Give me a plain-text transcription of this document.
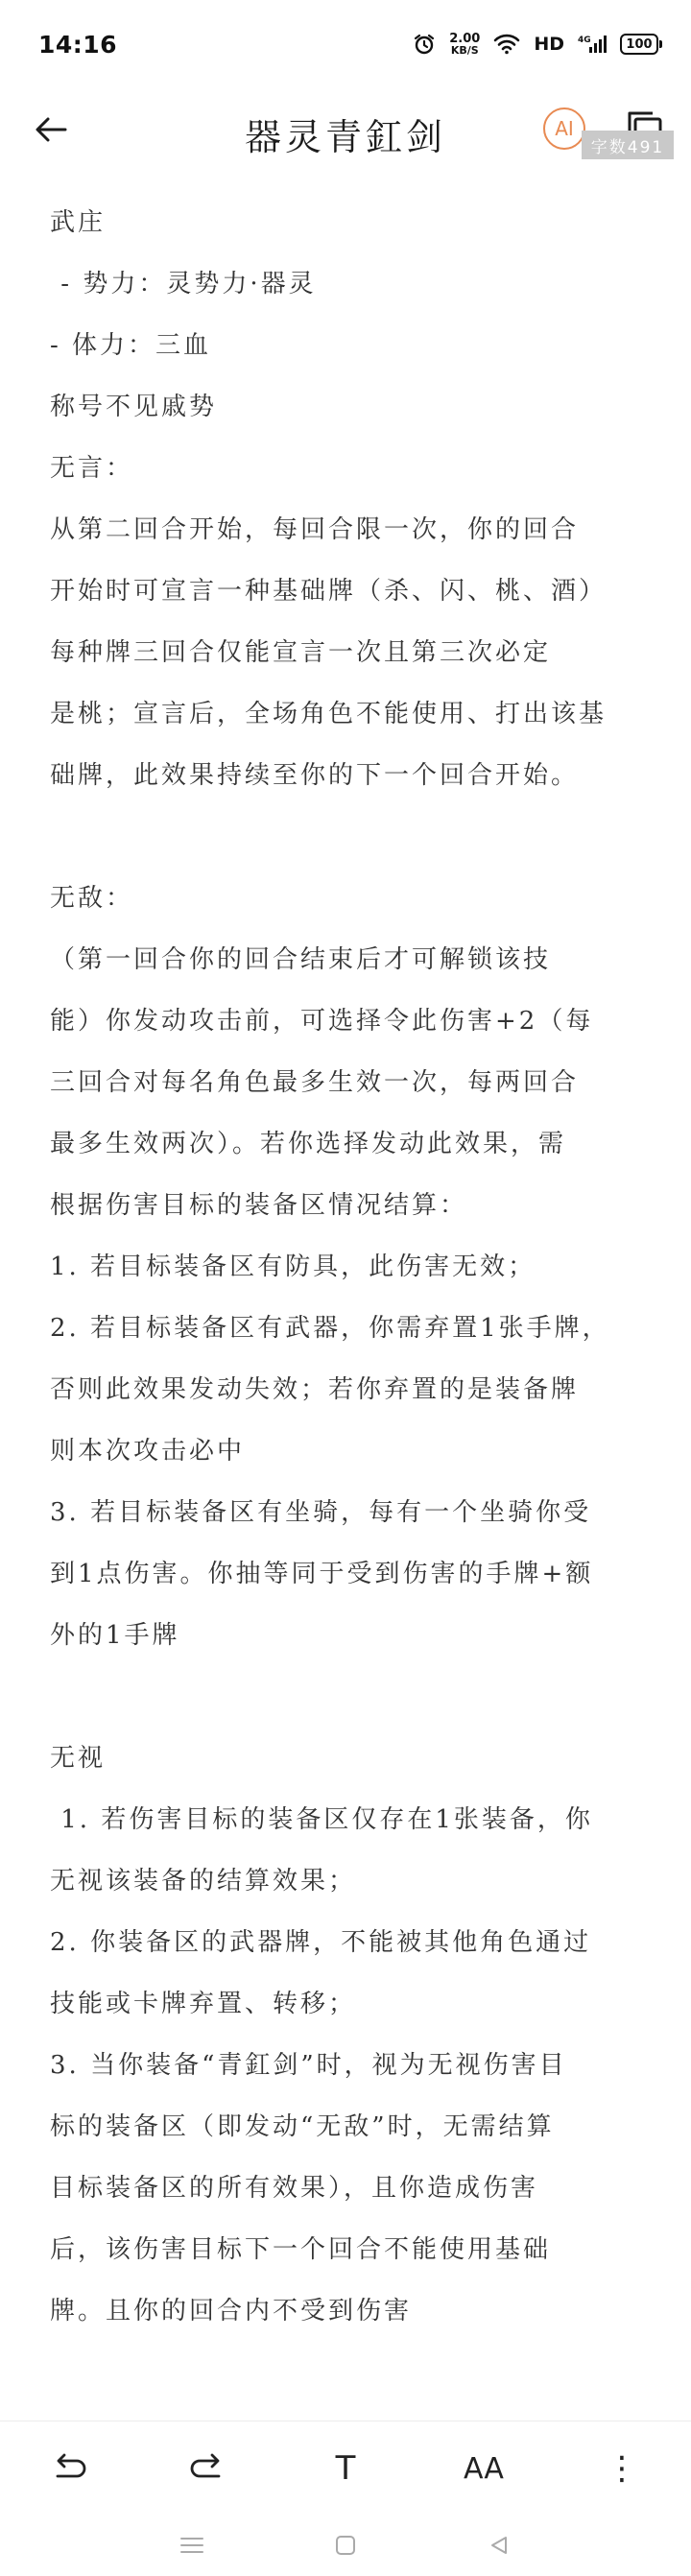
14:16	2.00
KB/S	HD 4G	100
器灵青釭剑	AI
字数491

武庄

- 势力：灵势力·器灵

- 体力：三血

称号不见戚势

无言：

从第二回合开始，每回合限一次，你的回合

开始时可宣言一种基础牌（杀、闪、桃、酒）

每种牌三回合仅能宣言一次且第三次必定

是桃；宣言后，全场角色不能使用、打出该基

础牌，此效果持续至你的下一个回合开始。

无敌：

（第一回合你的回合结束后才可解锁该技

能）你发动攻击前，可选择令此伤害+2（每

三回合对每名角色最多生效一次，每两回合

最多生效两次）。若你选择发动此效果，需

根据伤害目标的装备区情况结算：

1. 若目标装备区有防具，此伤害无效；

2. 若目标装备区有武器，你需弃置1张手牌，

否则此效果发动失效；若你弃置的是装备牌

则本次攻击必中

3. 若目标装备区有坐骑，每有一个坐骑你受

到1点伤害。你抽等同于受到伤害的手牌+额

外的1手牌

无视

1. 若伤害目标的装备区仅存在1张装备，你

无视该装备的结算效果；

2. 你装备区的武器牌，不能被其他角色通过

技能或卡牌弃置、转移；

3. 当你装备“青釭剑”时，视为无视伤害目

标的装备区（即发动“无敌”时，无需结算

目标装备区的所有效果），且你造成伤害

后，该伤害目标下一个回合不能使用基础

牌。且你的回合内不受到伤害

T	AA	⋮
